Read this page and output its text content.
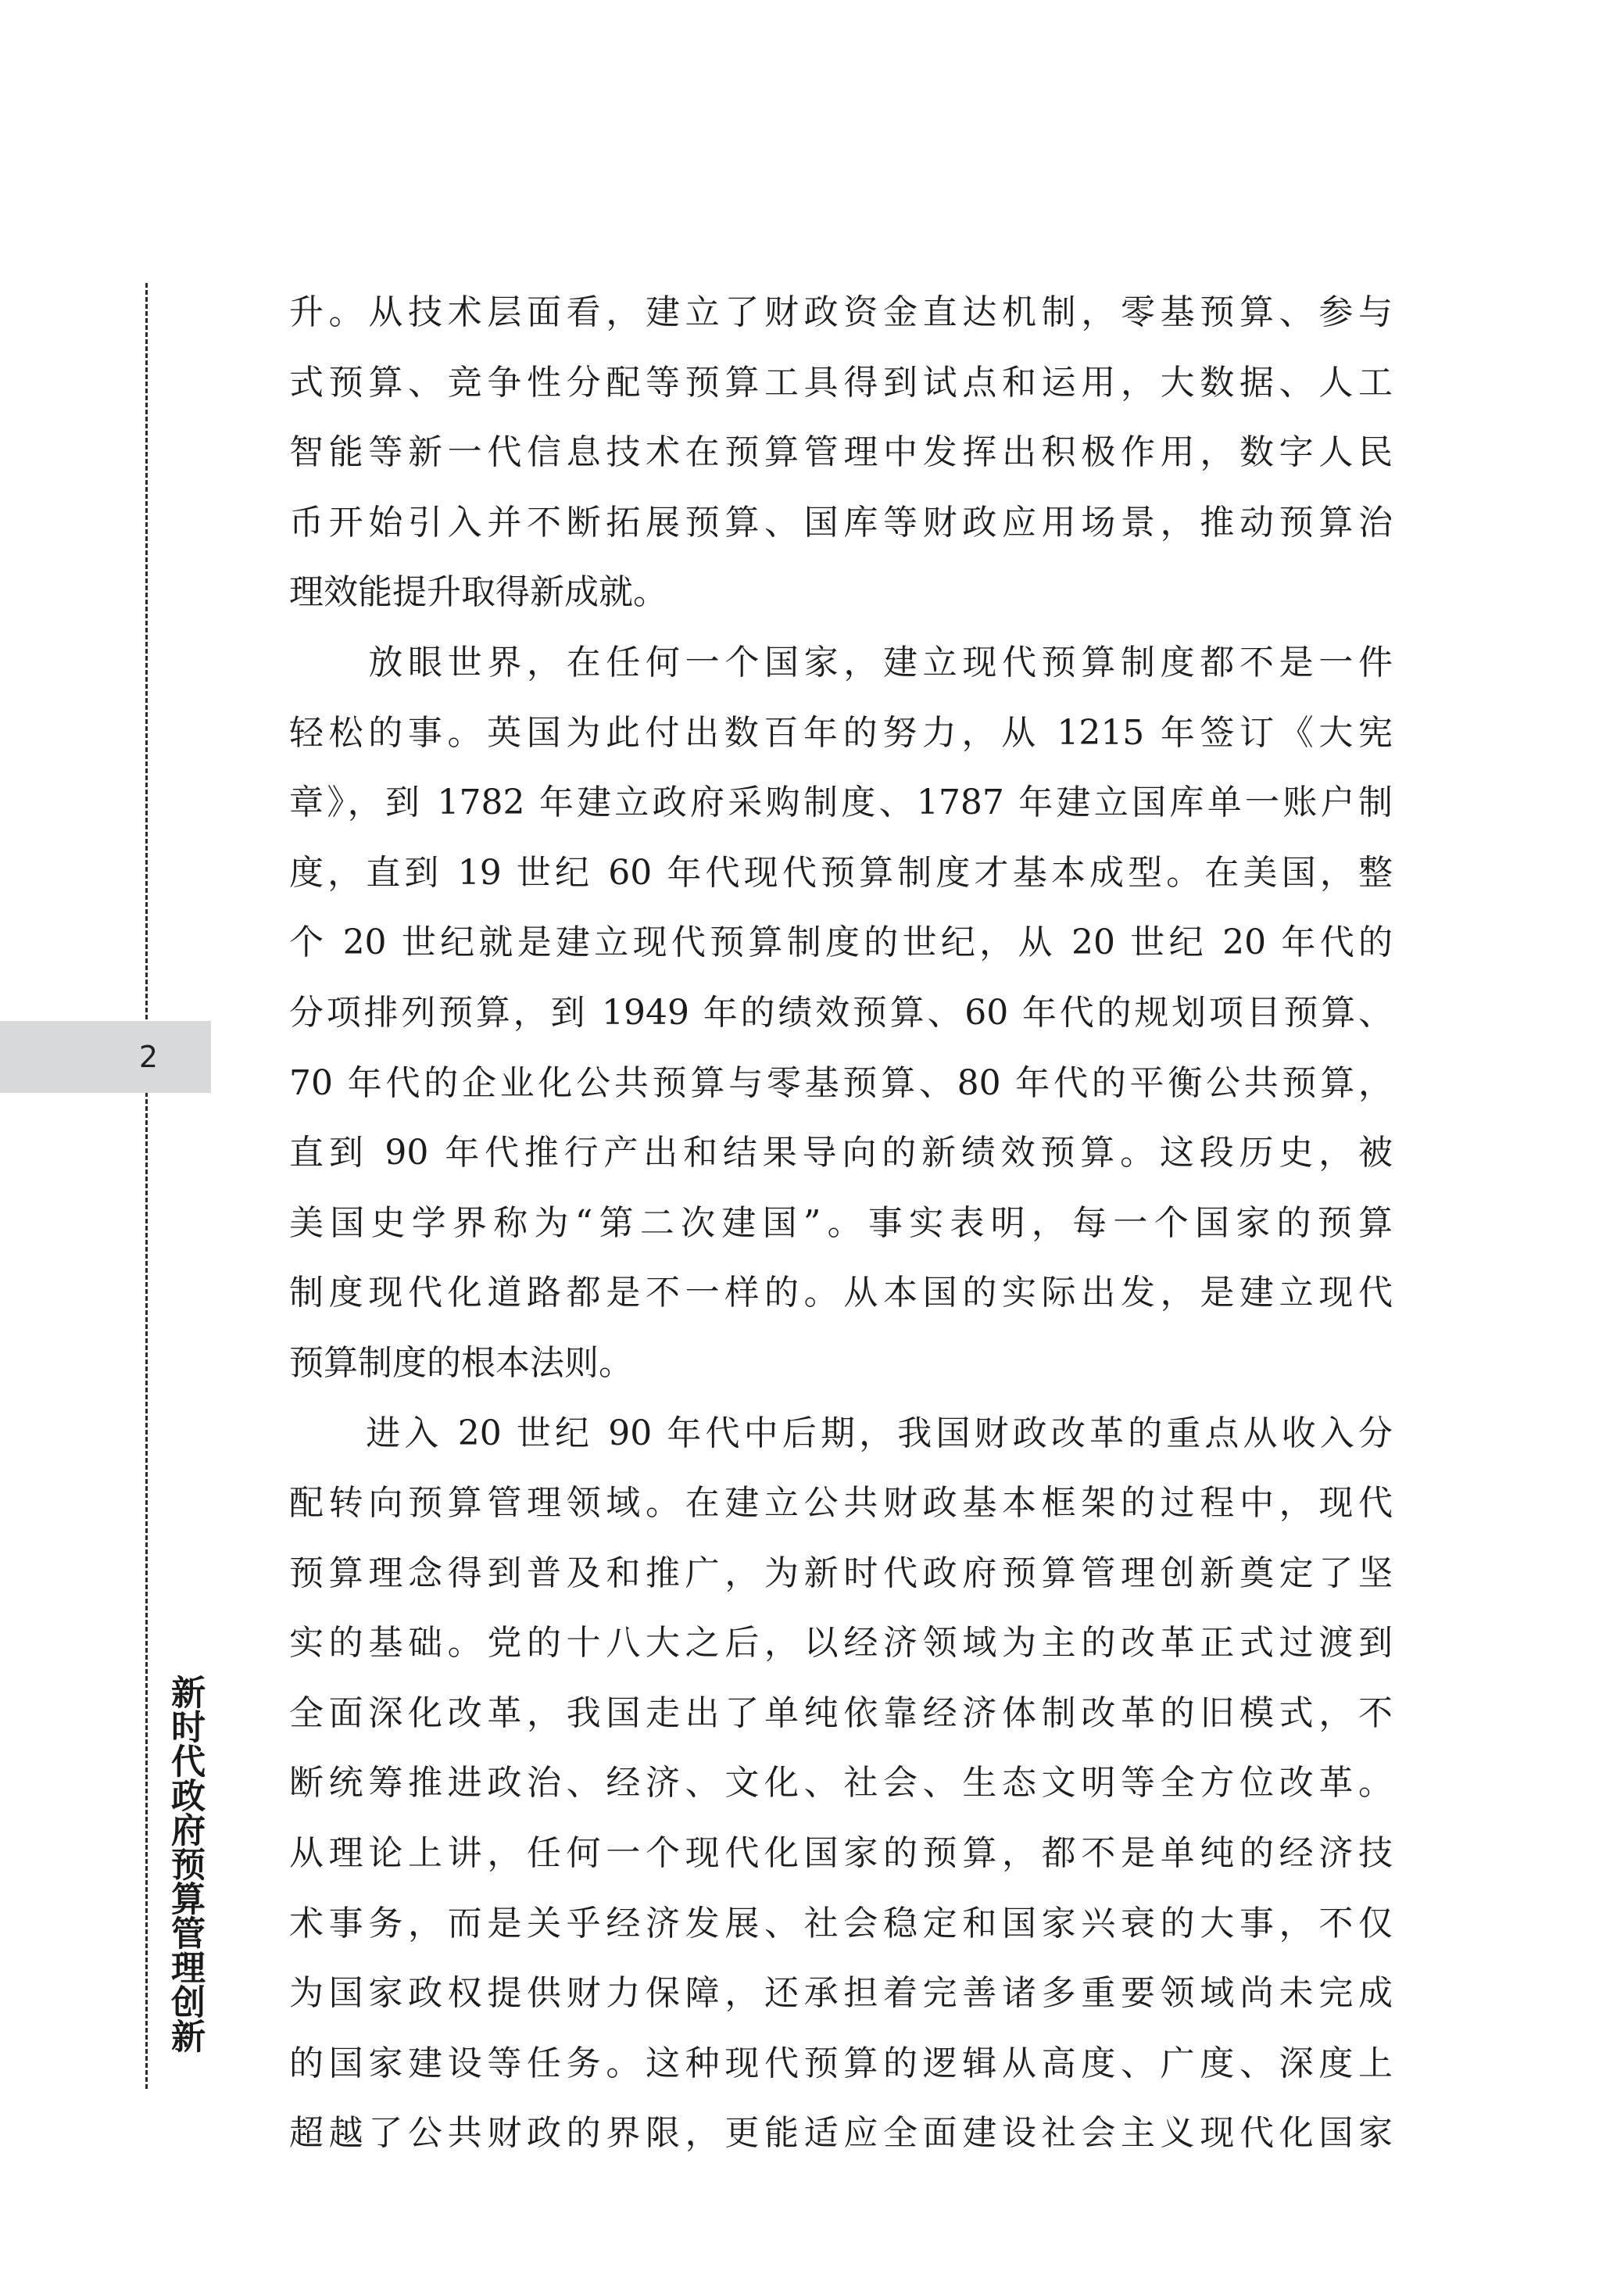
2
新时代政府预算管理创新
升。从技术层面看，建立了财政资金直达机制，零基预算、参与
式预算、竞争性分配等预算工具得到试点和运用，大数据、人工
智能等新一代信息技术在预算管理中发挥出积极作用，数字人民
币开始引入并不断拓展预算、国库等财政应用场景，推动预算治
理效能提升取得新成就。
　　放眼世界，在任何一个国家，建立现代预算制度都不是一件
轻松的事。英国为此付出数百年的努力，从 1215 年签订《大宪
章》，到 1782 年建立政府采购制度、1787 年建立国库单一账户制
度，直到 19 世纪 60 年代现代预算制度才基本成型。在美国，整
个 20 世纪就是建立现代预算制度的世纪，从 20 世纪 20 年代的
分项排列预算，到 1949 年的绩效预算、60 年代的规划项目预算、
70 年代的企业化公共预算与零基预算、80 年代的平衡公共预算，
直到 90 年代推行产出和结果导向的新绩效预算。这段历史，被
美国史学界称为“第二次建国”。事实表明，每一个国家的预算
制度现代化道路都是不一样的。从本国的实际出发，是建立现代
预算制度的根本法则。
　　进入 20 世纪 90 年代中后期，我国财政改革的重点从收入分
配转向预算管理领域。在建立公共财政基本框架的过程中，现代
预算理念得到普及和推广，为新时代政府预算管理创新奠定了坚
实的基础。党的十八大之后，以经济领域为主的改革正式过渡到
全面深化改革，我国走出了单纯依靠经济体制改革的旧模式，不
断统筹推进政治、经济、文化、社会、生态文明等全方位改革。
从理论上讲，任何一个现代化国家的预算，都不是单纯的经济技
术事务，而是关乎经济发展、社会稳定和国家兴衰的大事，不仅
为国家政权提供财力保障，还承担着完善诸多重要领域尚未完成
的国家建设等任务。这种现代预算的逻辑从高度、广度、深度上
超越了公共财政的界限，更能适应全面建设社会主义现代化国家
